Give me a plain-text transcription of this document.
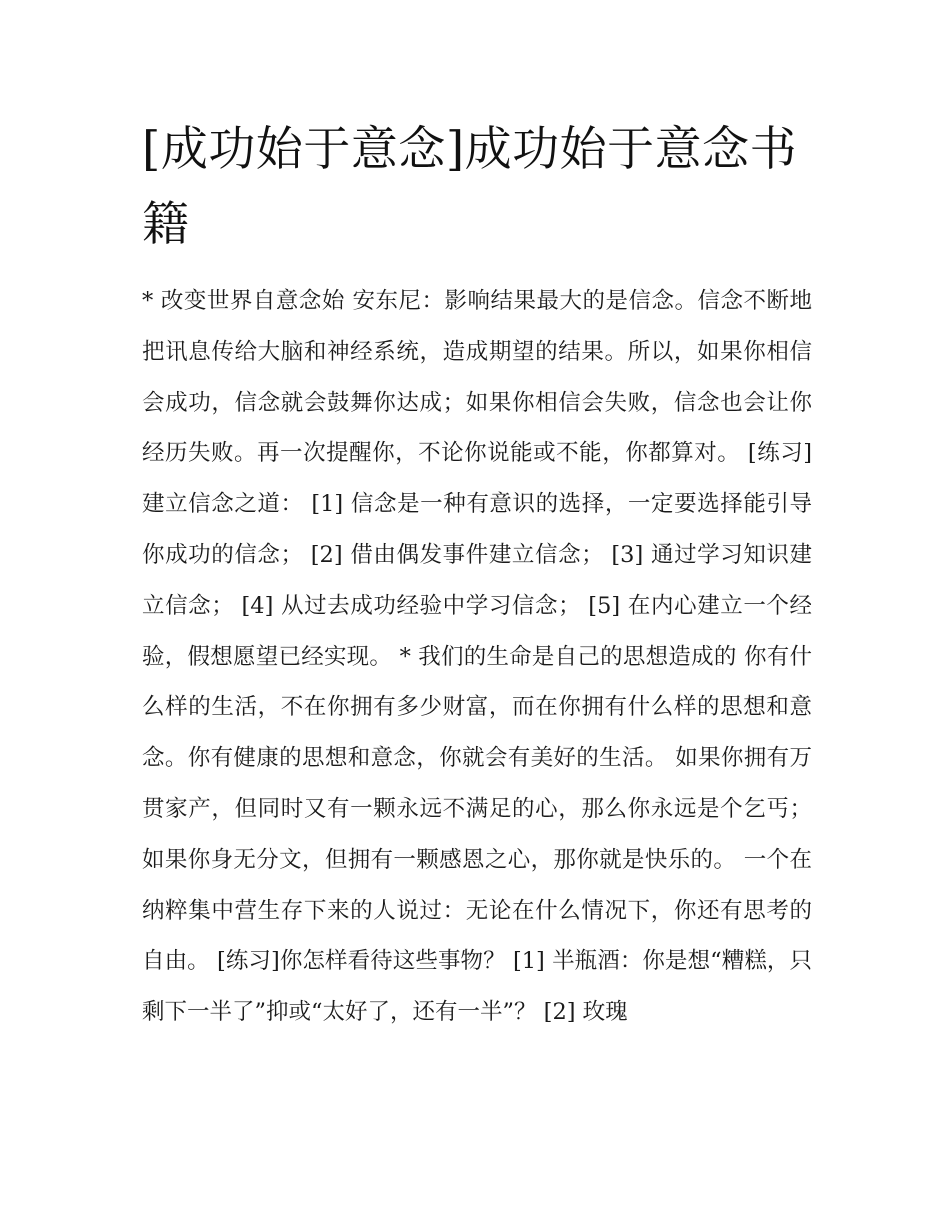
[成功始于意念]成功始于意念书籍

* 改变世界自意念始 安东尼：影响结果最大的是信念。信念不断地把讯息传给大脑和神经系统，造成期望的结果。所以，如果你相信会成功，信念就会鼓舞你达成；如果你相信会失败，信念也会让你经历失败。再一次提醒你，不论你说能或不能，你都算对。 [练习]建立信念之道： [1] 信念是一种有意识的选择，一定要选择能引导你成功的信念； [2] 借由偶发事件建立信念； [3] 通过学习知识建立信念； [4] 从过去成功经验中学习信念； [5] 在内心建立一个经验，假想愿望已经实现。 * 我们的生命是自己的思想造成的 你有什么样的生活，不在你拥有多少财富，而在你拥有什么样的思想和意念。你有健康的思想和意念，你就会有美好的生活。 如果你拥有万贯家产，但同时又有一颗永远不满足的心，那么你永远是个乞丐；如果你身无分文，但拥有一颗感恩之心，那你就是快乐的。 一个在纳粹集中营生存下来的人说过：无论在什么情况下，你还有思考的自由。 [练习]你怎样看待这些事物？ [1] 半瓶酒：你是想“糟糕，只剩下一半了”抑或“太好了，还有一半”？ [2] 玫瑰
